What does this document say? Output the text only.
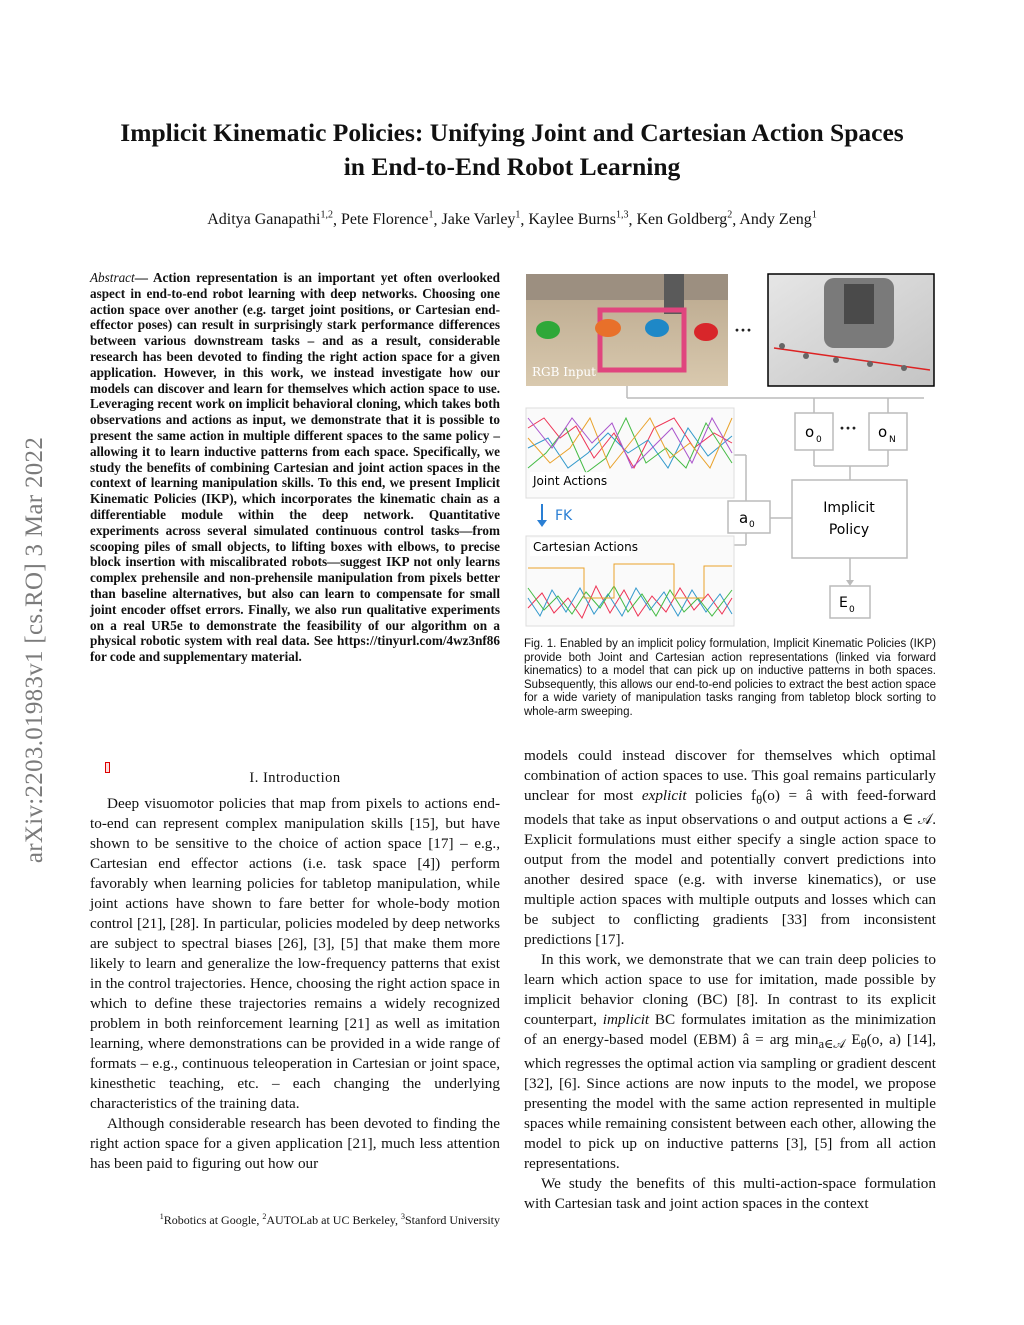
arXiv:2203.01983v1 [cs.RO] 3 Mar 2022
Implicit Kinematic Policies: Unifying Joint and Cartesian Action Spaces
in End-to-End Robot Learning
Aditya Ganapathi$^{1,2}$, Pete Florence$^1$, Jake Varley$^1$, Kaylee Burns$^{1,3}$, Ken Goldberg$^2$, Andy Zeng$^1$
Abstract— Action representation is an important yet often overlooked aspect in end-to-end robot learning with deep networks. Choosing one action space over another (e.g. target joint positions, or Cartesian end-effector poses) can result in surprisingly stark performance differences between various downstream tasks – and as a result, considerable research has been devoted to finding the right action space for a given application. However, in this work, we instead investigate how our models can discover and learn for themselves which action space to use. Leveraging recent work on implicit behavioral cloning, which takes both observations and actions as input, we demonstrate that it is possible to present the same action in multiple different spaces to the same policy – allowing it to learn inductive patterns from each space. Specifically, we study the benefits of combining Cartesian and joint action spaces in the context of learning manipulation skills. To this end, we present Implicit Kinematic Policies (IKP), which incorporates the kinematic chain as a differentiable module within the deep network. Quantitative experiments across several simulated continuous control tasks—from scooping piles of small objects, to lifting boxes with elbows, to precise block insertion with miscalibrated robots—suggest IKP not only learns complex prehensile and non-prehensile manipulation from pixels better than baseline alternatives, but also can learn to compensate for small joint encoder offset errors. Finally, we also run qualitative experiments on a real UR5e to demonstrate the feasibility of our algorithm on a physical robotic system with real data. See https://tinyurl.com/4wz3nf86 for code and supplementary material.
I. Introduction

Deep visuomotor policies that map from pixels to actions end-to-end can represent complex manipulation skills [15], but have shown to be sensitive to the choice of action space [17] – e.g., Cartesian end effector actions (i.e. task space [4]) perform favorably when learning policies for tabletop manipulation, while joint actions have shown to fare better for whole-body motion control [21], [28]. In particular, policies modeled by deep networks are subject to spectral biases [26], [3], [5] that make them more likely to learn and generalize the low-frequency patterns that exist in the control trajectories. Hence, choosing the right action space in which to define these trajectories remains a widely recognized problem in both reinforcement learning [21] as well as imitation learning, where demonstrations can be provided in a wide range of formats – e.g., continuous teleoperation in Cartesian or joint space, kinesthetic teaching, etc. – each changing the underlying characteristics of the training data.

Although considerable research has been devoted to finding the right action space for a given application [21], much less attention has been paid to figuring out how our

$^1$Robotics at Google, $^2$AUTOLab at UC Berkeley, $^3$Stanford University
RGB Input
···
o 0
··· o N
a 0
Implicit
Policy
E 0
Joint Actions
FK
Cartesian Actions
Fig. 1. Enabled by an implicit policy formulation, Implicit Kinematic Policies (IKP) provide both Joint and Cartesian action representations (linked via forward kinematics) to a model that can pick up on inductive patterns in both spaces. Subsequently, this allows our end-to-end policies to extract the best action space for a wide variety of manipulation tasks ranging from tabletop block sorting to whole-arm sweeping.

models could instead discover for themselves which optimal combination of action spaces to use. This goal remains particularly unclear for most explicit policies $f_\theta(o)$ = â with feed-forward models that take as input observations o and output actions a ∈ 𝒜. Explicit formulations must either specify a single action space to output from the model and potentially convert predictions into another desired space (e.g. with inverse kinematics), or use multiple action spaces with multiple outputs and losses which can be subject to conflicting gradients [33] from inconsistent predictions [17].

In this work, we demonstrate that we can train deep policies to learn which action space to use for imitation, made possible by implicit behavior cloning (BC) [8]. In contrast to its explicit counterpart, implicit BC formulates imitation as the minimization of an energy-based model (EBM) â = arg $\min_{a\in 𝒜} E_\theta(o$, a) [14], which regresses the optimal action via sampling or gradient descent [32], [6]. Since actions are now inputs to the model, we propose presenting the model with the same action represented in multiple spaces while remaining consistent between each other, allowing the model to pick up on inductive patterns [3], [5] from all action representations.

We study the benefits of this multi-action-space formulation with Cartesian task and joint action spaces in the context
